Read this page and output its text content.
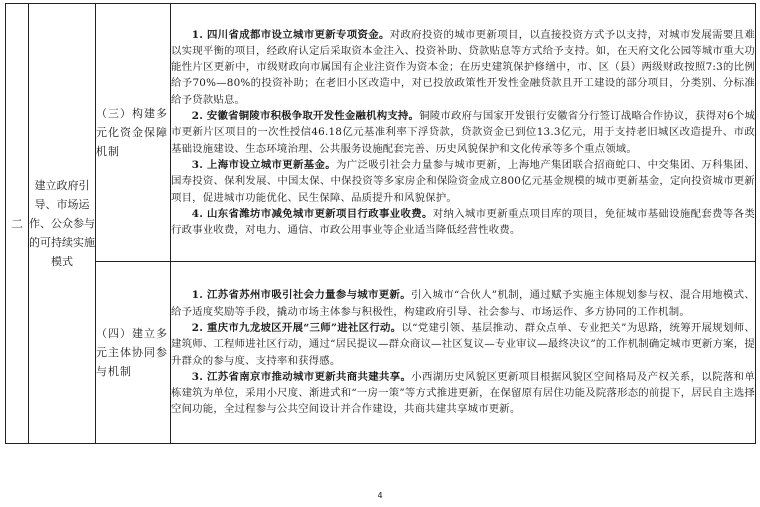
二	建立政府引导、市场运作、公众参与的可持续实施模式	（三）构建多元化资金保障机制	1. 四川省成都市设立城市更新专项资金。对政府投资的城市更新项目，以直接投资方式予以支持，对城市发展需要且难以实现平衡的项目，经政府认定后采取资本金注入、投资补助、贷款贴息等方式给予支持。如，在天府文化公园等城市重大功能性片区更新中，市级财政向市属国有企业注资作为资本金；在历史建筑保护修缮中，市、区（县）两级财政按照7:3的比例给予70%—80%的投资补助；在老旧小区改造中，对已投放政策性开发性金融贷款且开工建设的部分项目，分类别、分标准给予贷款贴息。

2. 安徽省铜陵市积极争取开发性金融机构支持。铜陵市政府与国家开发银行安徽省分行签订战略合作协议，获得对6个城市更新片区项目的一次性授信46.18亿元基准利率下浮贷款，贷款资金已到位13.3亿元，用于支持老旧城区改造提升、市政基础设施建设、生态环境治理、公共服务设施配套完善、历史风貌保护和文化传承等多个重点领域。

3. 上海市设立城市更新基金。为广泛吸引社会力量参与城市更新，上海地产集团联合招商蛇口、中交集团、万科集团、国寿投资、保利发展、中国太保、中保投资等多家房企和保险资金成立800亿元基金规模的城市更新基金，定向投资城市更新项目，促进城市功能优化、民生保障、品质提升和风貌保护。

4. 山东省潍坊市减免城市更新项目行政事业收费。对纳入城市更新重点项目库的项目，免征城市基础设施配套费等各类行政事业收费，对电力、通信、市政公用事业等企业适当降低经营性收费。

		（四）建立多元主体协同参与机制	1. 江苏省苏州市吸引社会力量参与城市更新。引入城市“合伙人”机制，通过赋予实施主体规划参与权、混合用地模式、给予适度奖励等手段，撬动市场主体参与积极性，构建政府引导、社会参与、市场运作、多方协同的工作机制。

2. 重庆市九龙坡区开展“三师”进社区行动。以“党建引领、基层推动、群众点单、专业把关”为思路，统筹开展规划师、建筑师、工程师进社区行动，通过“居民提议—群众商议—社区复议—专业审议—最终决议”的工作机制确定城市更新方案，提升群众的参与度、支持率和获得感。

3. 江苏省南京市推动城市更新共商共建共享。小西湖历史风貌区更新项目根据风貌区空间格局及产权关系，以院落和单栋建筑为单位，采用小尺度、渐进式和“一房一策”等方式推进更新，在保留原有居住功能及院落形态的前提下，居民自主选择空间功能，全过程参与公共空间设计并合作建设，共商共建共享城市更新。

4
